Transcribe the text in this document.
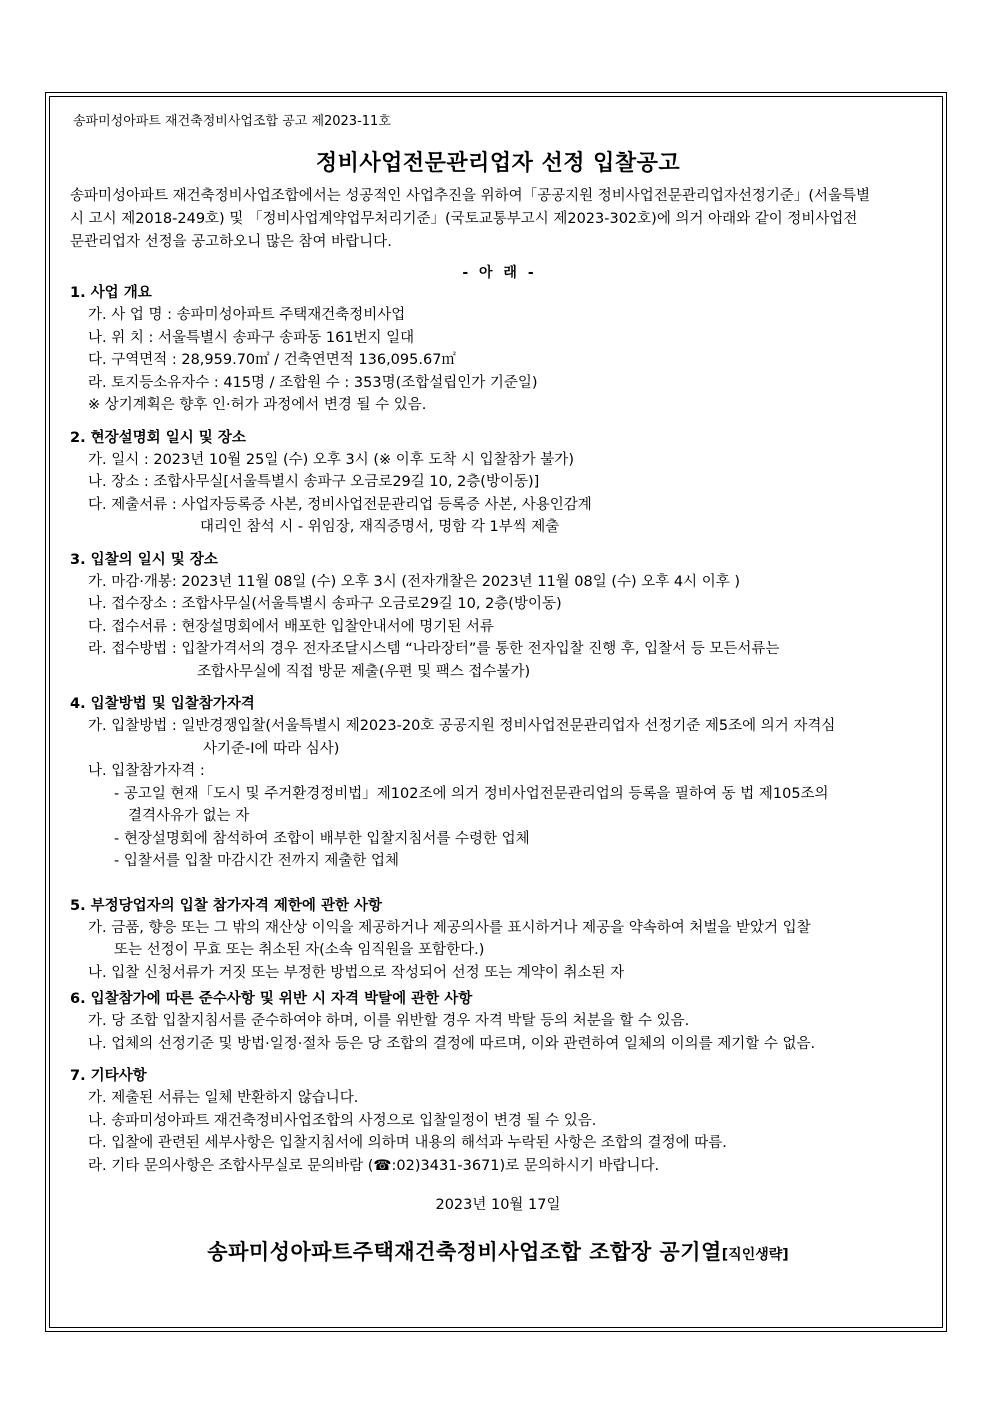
송파미성아파트 재건축정비사업조합 공고 제2023-11호
정비사업전문관리업자 선정 입찰공고
송파미성아파트 재건축정비사업조합에서는 성공적인 사업추진을 위하여「공공지원 정비사업전문관리업자선정기준」(서울특별
시 고시 제2018-249호) 및 「정비사업계약업무처리기준」(국토교통부고시 제2023-302호)에 의거 아래와 같이 정비사업전
문관리업자 선정을 공고하오니 많은 참여 바랍니다.
- 아 래 -
1. 사업 개요
가. 사 업 명 : 송파미성아파트 주택재건축정비사업
나. 위 치 : 서울특별시 송파구 송파동 161번지 일대
다. 구역면적 : 28,959.70㎡ / 건축연면적 136,095.67㎡
라. 토지등소유자수 : 415명 / 조합원 수 : 353명(조합설립인가 기준일)
※ 상기계획은 향후 인·허가 과정에서 변경 될 수 있음.
2. 현장설명회 일시 및 장소
가. 일시 : 2023년 10월 25일 (수) 오후 3시 (※ 이후 도착 시 입찰참가 불가)
나. 장소 : 조합사무실[서울특별시 송파구 오금로29길 10, 2층(방이동)]
다. 제출서류 : 사업자등록증 사본, 정비사업전문관리업 등록증 사본, 사용인감계
대리인 참석 시 - 위임장, 재직증명서, 명함 각 1부씩 제출
3. 입찰의 일시 및 장소
가. 마감·개봉: 2023년 11월 08일 (수) 오후 3시 (전자개찰은 2023년 11월 08일 (수) 오후 4시 이후 )
나. 접수장소 : 조합사무실(서울특별시 송파구 오금로29길 10, 2층(방이동)
다. 접수서류 : 현장설명회에서 배포한 입찰안내서에 명기된 서류
라. 접수방법 : 입찰가격서의 경우 전자조달시스템 “나라장터”를 통한 전자입찰 진행 후, 입찰서 등 모든서류는
조합사무실에 직접 방문 제출(우편 및 팩스 접수불가)
4. 입찰방법 및 입찰참가자격
가. 입찰방법 : 일반경쟁입찰(서울특별시 제2023-20호 공공지원 정비사업전문관리업자 선정기준 제5조에 의거 자격심
사기준-Ⅰ에 따라 심사)
나. 입찰참가자격 :
- 공고일 현재「도시 및 주거환경정비법」제102조에 의거 정비사업전문관리업의 등록을 필하여 동 법 제105조의
결격사유가 없는 자
- 현장설명회에 참석하여 조합이 배부한 입찰지침서를 수령한 업체
- 입찰서를 입찰 마감시간 전까지 제출한 업체
5. 부정당업자의 입찰 참가자격 제한에 관한 사항
가. 금품, 향응 또는 그 밖의 재산상 이익을 제공하거나 제공의사를 표시하거나 제공을 약속하여 처벌을 받았거 입찰
또는 선정이 무효 또는 취소된 자(소속 임직원을 포함한다.)
나. 입찰 신청서류가 거짓 또는 부정한 방법으로 작성되어 선정 또는 계약이 취소된 자
6. 입찰참가에 따른 준수사항 및 위반 시 자격 박탈에 관한 사항
가. 당 조합 입찰지침서를 준수하여야 하며, 이를 위반할 경우 자격 박탈 등의 처분을 할 수 있음.
나. 업체의 선정기준 및 방법·일정·절차 등은 당 조합의 결정에 따르며, 이와 관련하여 일체의 이의를 제기할 수 없음.
7. 기타사항
가. 제출된 서류는 일체 반환하지 않습니다.
나. 송파미성아파트 재건축정비사업조합의 사정으로 입찰일정이 변경 될 수 있음.
다. 입찰에 관련된 세부사항은 입찰지침서에 의하며 내용의 해석과 누락된 사항은 조합의 결정에 따름.
라. 기타 문의사항은 조합사무실로 문의바람 (☎:02)3431-3671)로 문의하시기 바랍니다.
2023년 10월 17일
송파미성아파트주택재건축정비사업조합 조합장 공기열[직인생략]
